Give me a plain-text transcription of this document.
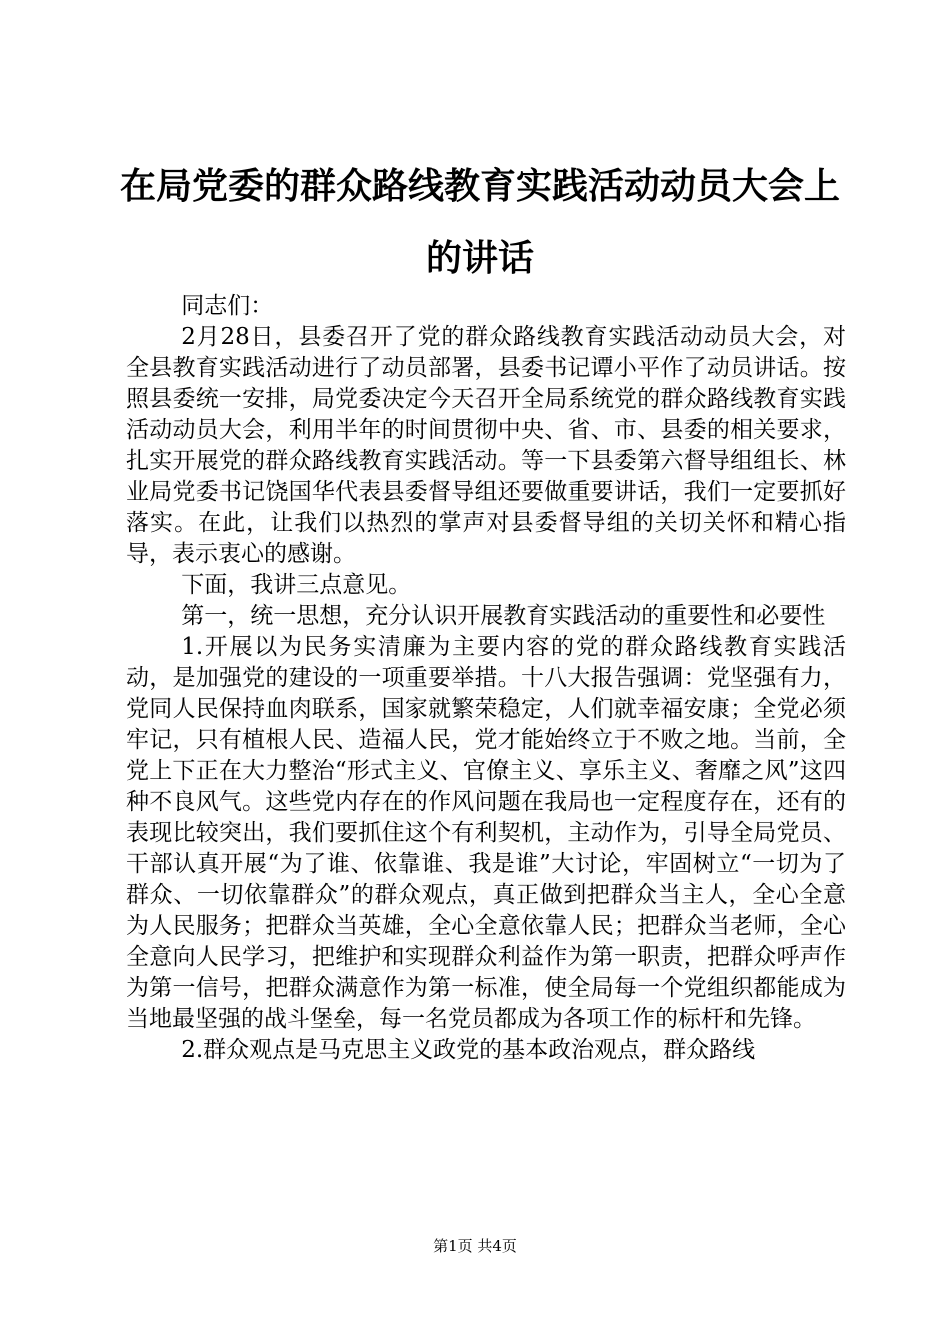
在局党委的群众路线教育实践活动动员大会上的讲话

同志们：

2月28日，县委召开了党的群众路线教育实践活动动员大会，对全县教育实践活动进行了动员部署，县委书记谭小平作了动员讲话。按照县委统一安排，局党委决定今天召开全局系统党的群众路线教育实践活动动员大会，利用半年的时间贯彻中央、省、市、县委的相关要求，扎实开展党的群众路线教育实践活动。等一下县委第六督导组组长、林业局党委书记饶国华代表县委督导组还要做重要讲话，我们一定要抓好落实。在此，让我们以热烈的掌声对县委督导组的关切关怀和精心指导，表示衷心的感谢。

下面，我讲三点意见。

第一，统一思想，充分认识开展教育实践活动的重要性和必要性

1.开展以为民务实清廉为主要内容的党的群众路线教育实践活动，是加强党的建设的一项重要举措。十八大报告强调：党坚强有力，党同人民保持血肉联系，国家就繁荣稳定，人们就幸福安康；全党必须牢记，只有植根人民、造福人民，党才能始终立于不败之地。当前，全党上下正在大力整治“形式主义、官僚主义、享乐主义、奢靡之风”这四种不良风气。这些党内存在的作风问题在我局也一定程度存在，还有的表现比较突出，我们要抓住这个有利契机，主动作为，引导全局党员、干部认真开展“为了谁、依靠谁、我是谁”大讨论，牢固树立“一切为了群众、一切依靠群众”的群众观点，真正做到把群众当主人，全心全意为人民服务；把群众当英雄，全心全意依靠人民；把群众当老师，全心全意向人民学习，把维护和实现群众利益作为第一职责，把群众呼声作为第一信号，把群众满意作为第一标准，使全局每一个党组织都能成为当地最坚强的战斗堡垒，每一名党员都成为各项工作的标杆和先锋。

2.群众观点是马克思主义政党的基本政治观点，群众路线

第1页 共4页
